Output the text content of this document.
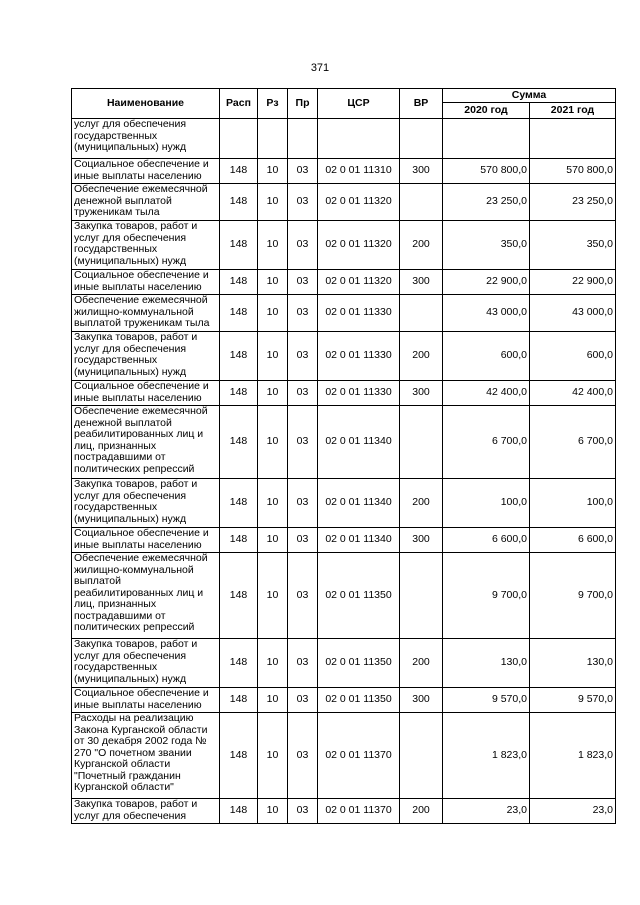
371
Наименование	Расп	Рз	Пр	ЦСР	ВР	Сумма	
						2020 год	2021 год
услуг для обеспечения государственных (муниципальных) нужд							
Социальное обеспечение и иные выплаты населению	148	10	03	02 0 01 11310	300	570 800,0	570 800,0
Обеспечение ежемесячной денежной выплатой труженикам тыла	148	10	03	02 0 01 11320		23 250,0	23 250,0
Закупка товаров, работ и услуг для обеспечения государственных (муниципальных) нужд	148	10	03	02 0 01 11320	200	350,0	350,0
Социальное обеспечение и иные выплаты населению	148	10	03	02 0 01 11320	300	22 900,0	22 900,0
Обеспечение ежемесячной жилищно-коммунальной выплатой труженикам тыла	148	10	03	02 0 01 11330		43 000,0	43 000,0
Закупка товаров, работ и услуг для обеспечения государственных (муниципальных) нужд	148	10	03	02 0 01 11330	200	600,0	600,0
Социальное обеспечение и иные выплаты населению	148	10	03	02 0 01 11330	300	42 400,0	42 400,0
Обеспечение ежемесячной денежной выплатой реабилитированных лиц и лиц, признанных пострадавшими от политических репрессий	148	10	03	02 0 01 11340		6 700,0	6 700,0
Закупка товаров, работ и услуг для обеспечения государственных (муниципальных) нужд	148	10	03	02 0 01 11340	200	100,0	100,0
Социальное обеспечение и иные выплаты населению	148	10	03	02 0 01 11340	300	6 600,0	6 600,0
Обеспечение ежемесячной жилищно-коммунальной выплатой реабилитированных лиц и лиц, признанных пострадавшими от политических репрессий	148	10	03	02 0 01 11350		9 700,0	9 700,0
Закупка товаров, работ и услуг для обеспечения государственных (муниципальных) нужд	148	10	03	02 0 01 11350	200	130,0	130,0
Социальное обеспечение и иные выплаты населению	148	10	03	02 0 01 11350	300	9 570,0	9 570,0
Расходы на реализацию Закона Курганской области от 30 декабря 2002 года № 270 "О почетном звании Курганской области "Почетный гражданин Курганской области"	148	10	03	02 0 01 11370		1 823,0	1 823,0
Закупка товаров, работ и услуг для обеспечения	148	10	03	02 0 01 11370	200	23,0	23,0
